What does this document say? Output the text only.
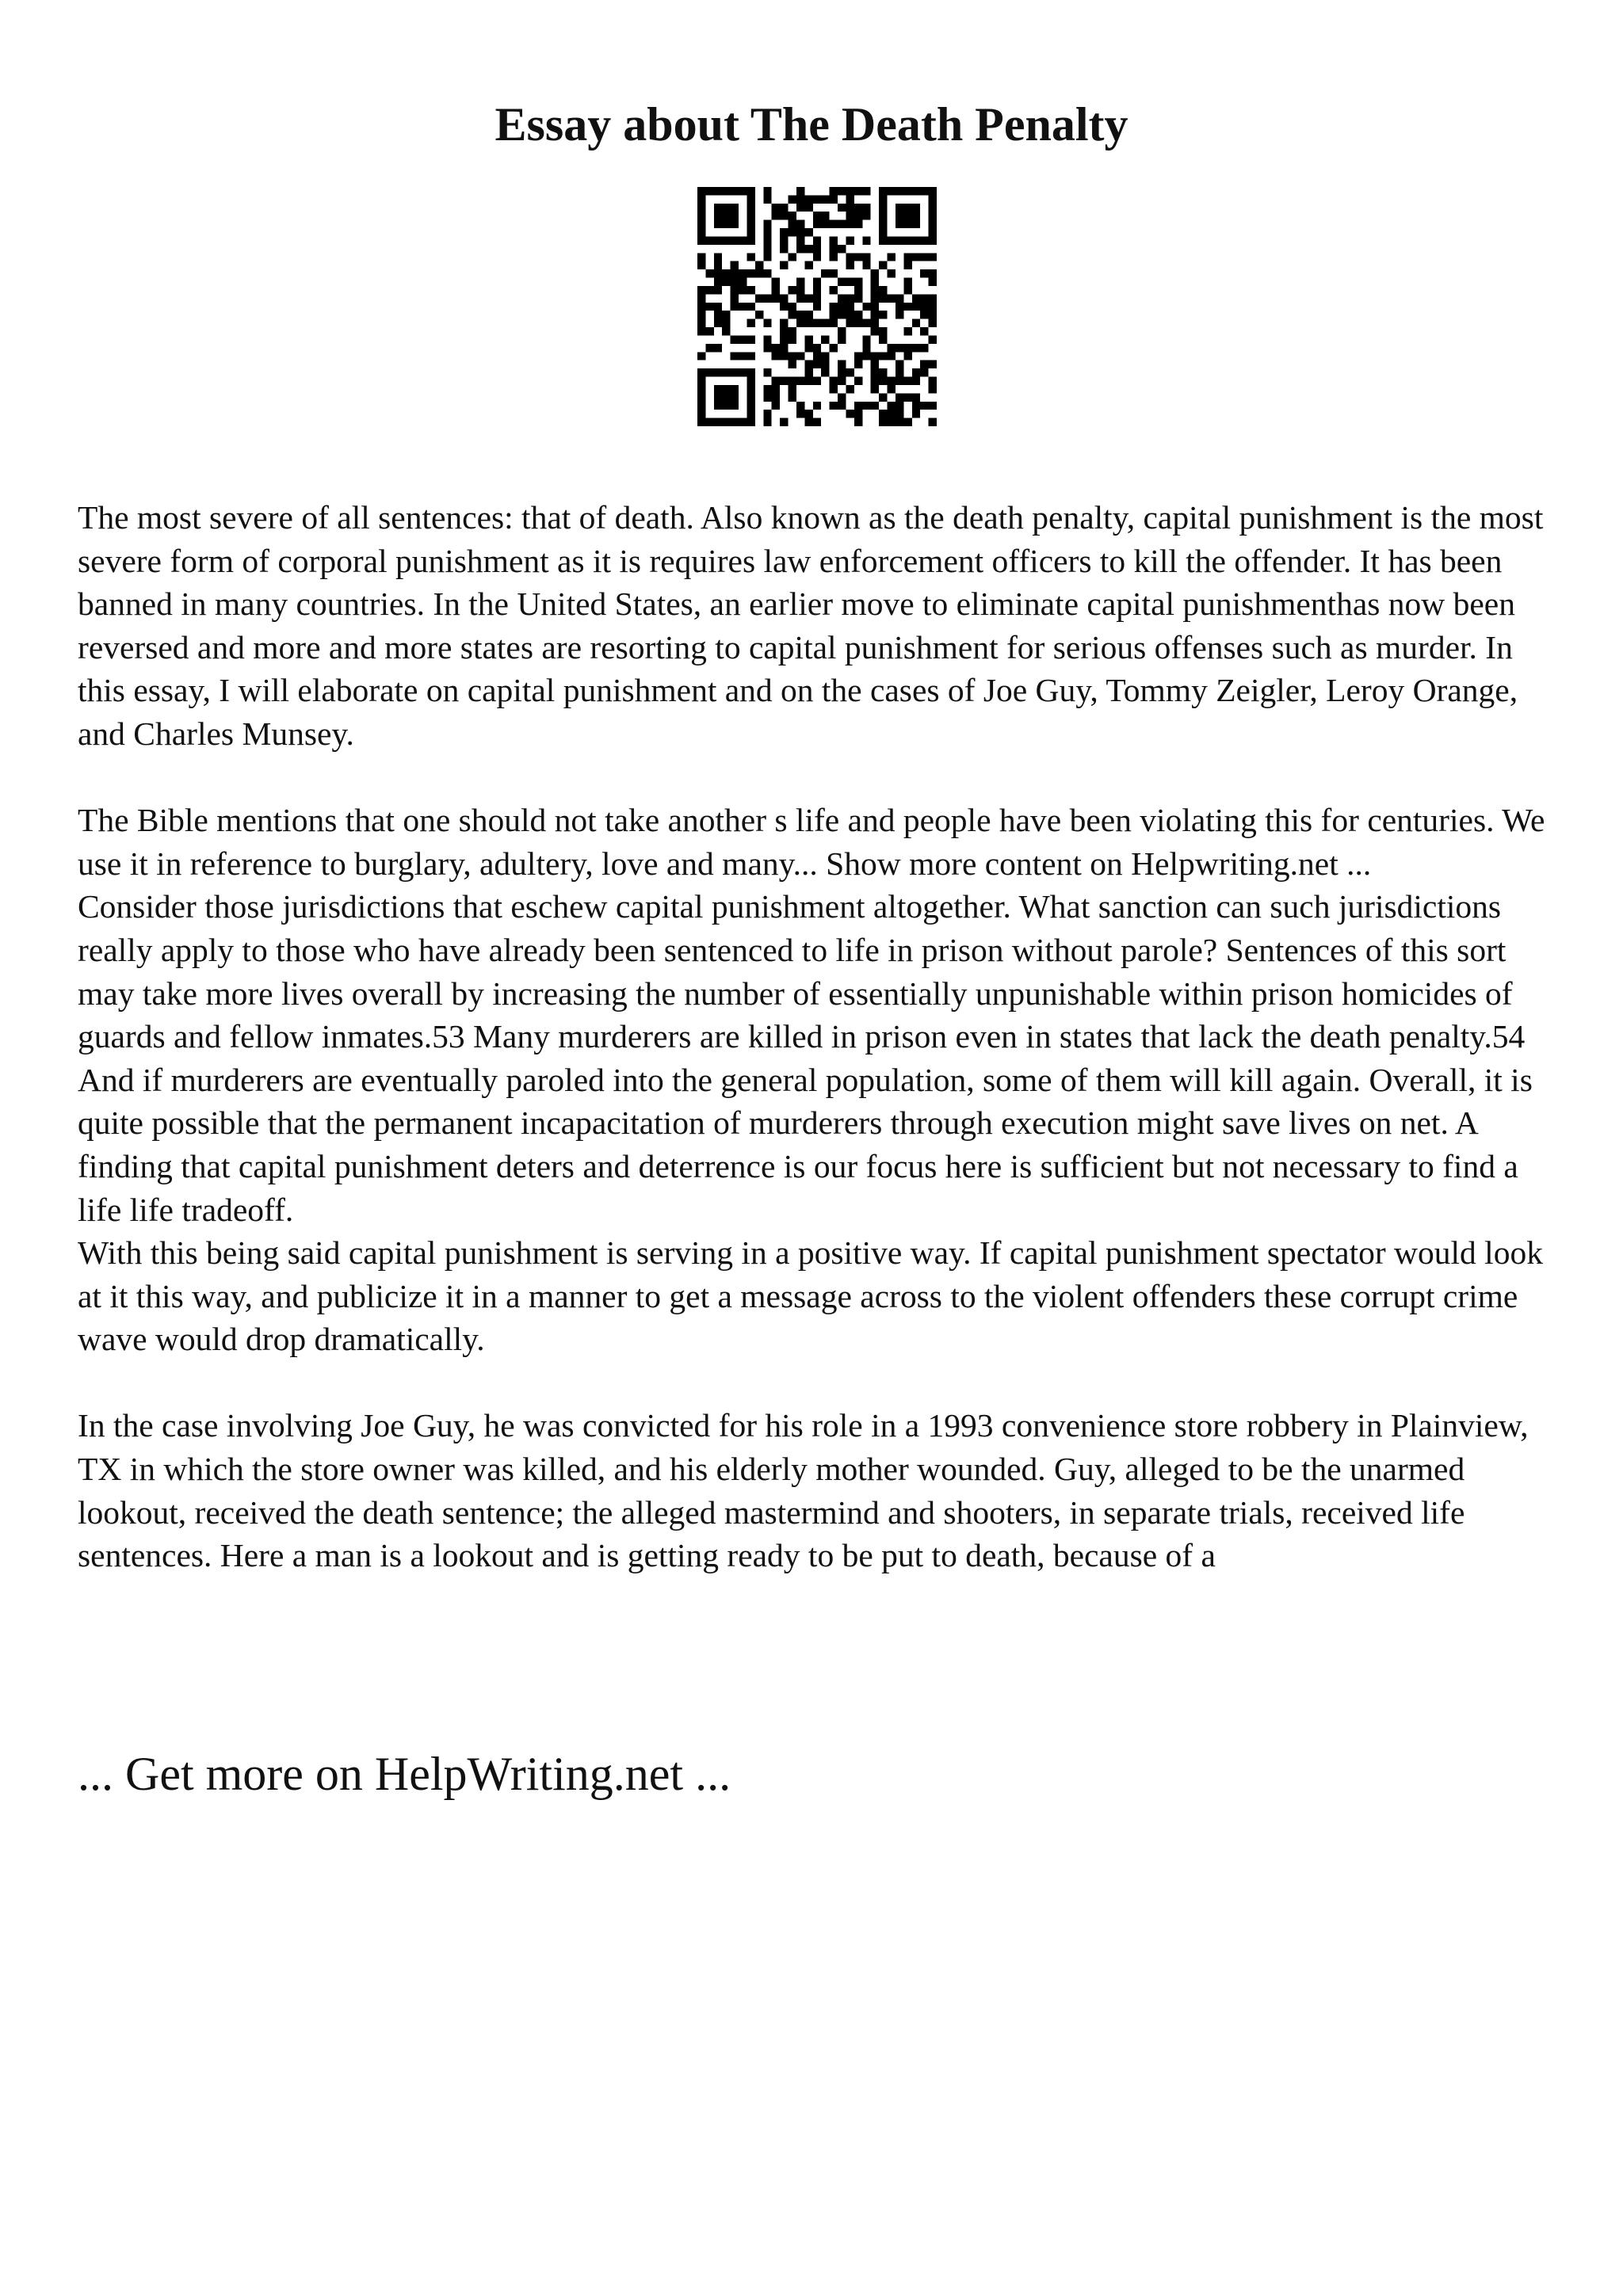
Essay about The Death Penalty

The most severe of all sentences: that of death. Also known as the death penalty, capital punishment is the most severe form of corporal punishment as it is requires law enforcement officers to kill the offender. It has been banned in many countries. In the United States, an earlier move to eliminate capital punishmenthas now been reversed and more and more states are resorting to capital punishment for serious offenses such as murder. In this essay, I will elaborate on capital punishment and on the cases of Joe Guy, Tommy Zeigler, Leroy Orange, and Charles Munsey.

The Bible mentions that one should not take another s life and people have been violating this for centuries. We use it in reference to burglary, adultery, love and many... Show more content on Helpwriting.net ...

Consider those jurisdictions that eschew capital punishment altogether. What sanction can such jurisdictions really apply to those who have already been sentenced to life in prison without parole? Sentences of this sort may take more lives overall by increasing the number of essentially unpunishable within prison homicides of guards and fellow inmates.53 Many murderers are killed in prison even in states that lack the death penalty.54 And if murderers are eventually paroled into the general population, some of them will kill again. Overall, it is quite possible that the permanent incapacitation of murderers through execution might save lives on net. A finding that capital punishment deters and deterrence is our focus here is sufficient but not necessary to find a life life tradeoff.

With this being said capital punishment is serving in a positive way. If capital punishment spectator would look at it this way, and publicize it in a manner to get a message across to the violent offenders these corrupt crime wave would drop dramatically.

In the case involving Joe Guy, he was convicted for his role in a 1993 convenience store robbery in Plainview, TX in which the store owner was killed, and his elderly mother wounded. Guy, alleged to be the unarmed lookout, received the death sentence; the alleged mastermind and shooters, in separate trials, received life sentences. Here a man is a lookout and is getting ready to be put to death, because of a

... Get more on HelpWriting.net ...
